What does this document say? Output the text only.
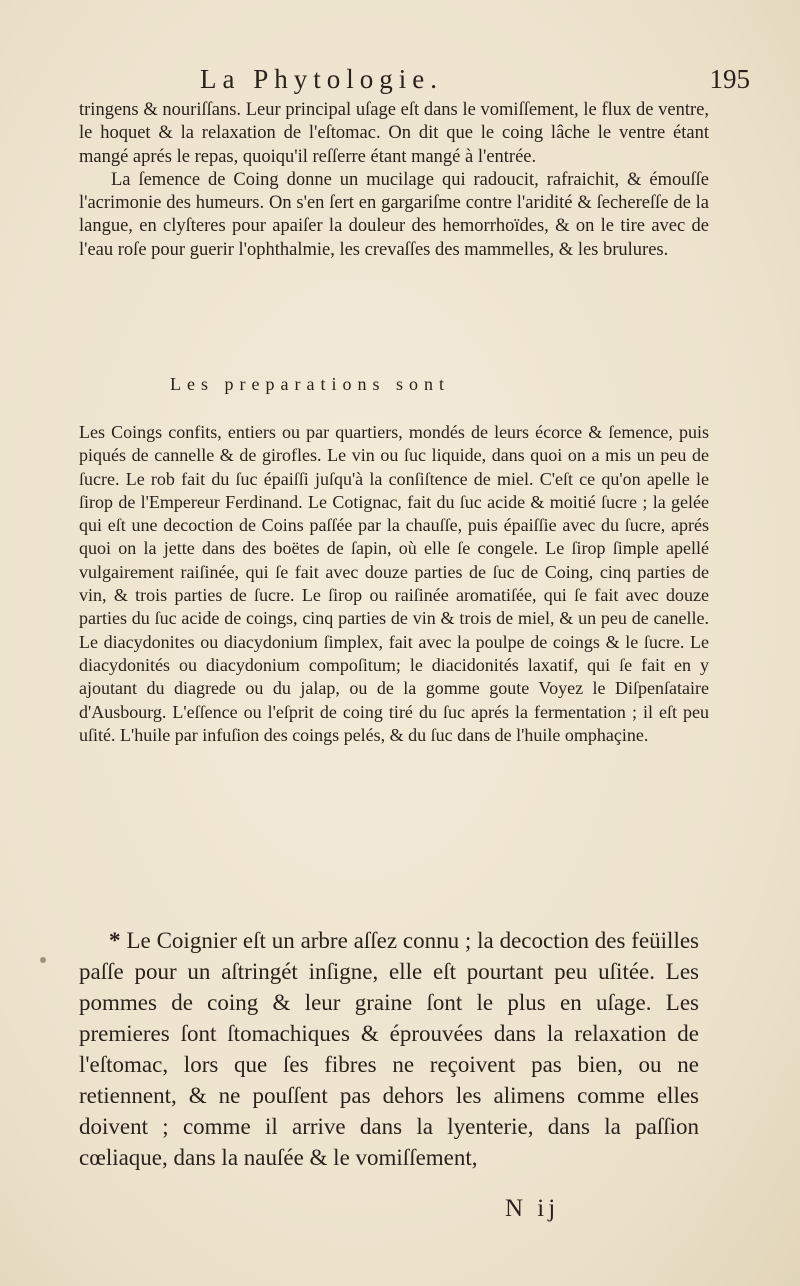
La Phytologie.	195

tringens & nouriſſans. Leur principal uſage eſt dans le vomiſſement, le flux de ventre, le hoquet & la relaxation de l'eſtomac. On dit que le coing lâche le ventre étant mangé aprés le repas, quoiqu'il reſſerre étant mangé à l'entrée.

La ſemence de Coing donne un mucilage qui radoucit, rafraichit, & émouſſe l'acrimonie des humeurs. On s'en ſert en gargariſme contre l'aridité & ſechereſſe de la langue, en clyſteres pour apaiſer la douleur des hemorrhoïdes, & on le tire avec de l'eau roſe pour guerir l'ophthalmie, les crevaſſes des mammelles, & les brulures.

Les preparations sont

Les Coings confits, entiers ou par quartiers, mondés de leurs écorce & ſemence, puis piqués de cannelle & de girofles. Le vin ou ſuc liquide, dans quoi on a mis un peu de ſucre. Le rob fait du ſuc épaiſſi juſqu'à la conſiſtence de miel. C'eſt ce qu'on apelle le ſirop de l'Empereur Ferdinand. Le Cotignac, fait du ſuc acide & moitié ſucre ; la gelée qui eſt une decoction de Coins paſſée par la chauſſe, puis épaiſſie avec du ſucre, aprés quoi on la jette dans des boëtes de ſapin, où elle ſe congele. Le ſirop ſimple apellé vulgairement raiſinée, qui ſe fait avec douze parties de ſuc de Coing, cinq parties de vin, & trois parties de ſucre. Le ſirop ou raiſinée aromatiſée, qui ſe fait avec douze parties du ſuc acide de coings, cinq parties de vin & trois de miel, & un peu de canelle. Le diacydonites ou diacydonium ſimplex, fait avec la poulpe de coings & le ſucre. Le diacydonités ou diacydonium compoſitum; le diacidonités laxatif, qui ſe fait en y ajoutant du diagrede ou du jalap, ou de la gomme goute Voyez le Diſpenſataire d'Ausbourg. L'eſſence ou l'eſprit de coing tiré du ſuc aprés la fermentation ; il eſt peu uſité. L'huile par infuſion des coings pelés, & du ſuc dans de l'huile omphaçine.

* Le Coignier eſt un arbre aſſez connu ; la decoction des feüilles paſſe pour un aſtringét inſigne, elle eſt pourtant peu uſitée. Les pommes de coing & leur graine ſont le plus en uſage. Les premieres ſont ſtomachiques & éprouvées dans la relaxation de l'eſtomac, lors que ſes fibres ne reçoivent pas bien, ou ne retiennent, & ne pouſſent pas dehors les alimens comme elles doivent ; comme il arrive dans la lyenterie, dans la paſſion cœliaque, dans la nauſée & le vomiſſement,

N ij
